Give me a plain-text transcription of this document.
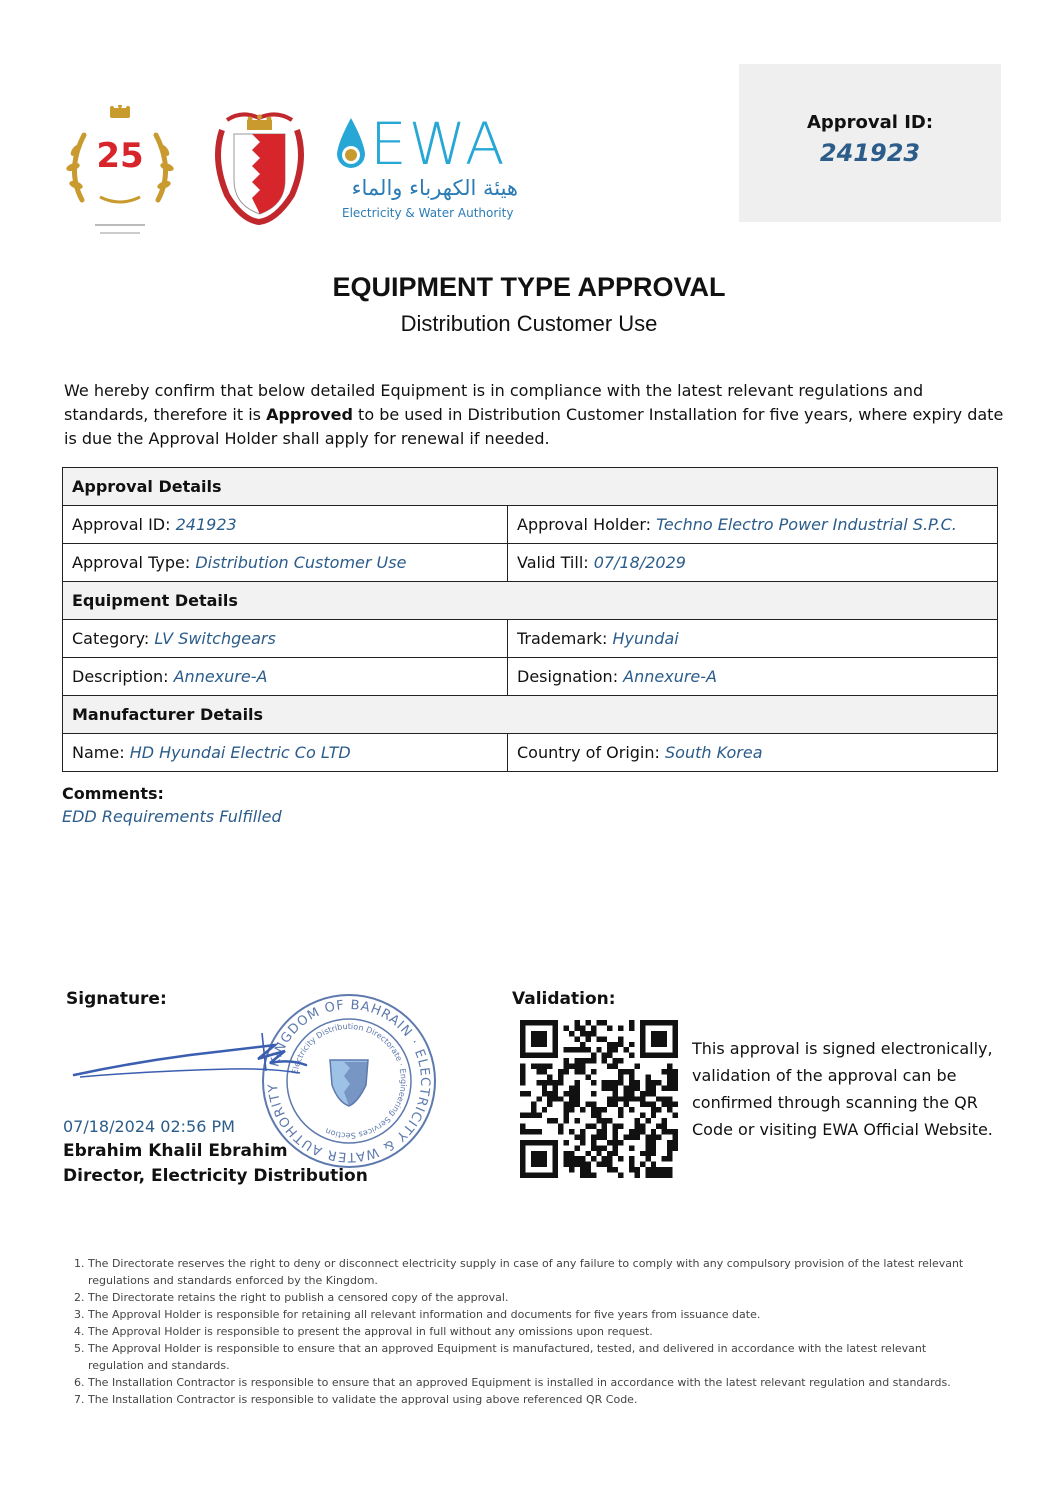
25	EWA
هيئة الكهرباء والماء
Electricity & Water Authority
Approval ID:
241923
EQUIPMENT TYPE APPROVAL
Distribution Customer Use
We hereby confirm that below detailed Equipment is in compliance with the latest relevant regulations and standards, therefore it is Approved to be used in Distribution Customer Installation for five years, where expiry date is due the Approval Holder shall apply for renewal if needed.
Approval Details	
Approval ID: 241923	Approval Holder: Techno Electro Power Industrial S.P.C.
Approval Type: Distribution Customer Use	Valid Till: 07/18/2029
Equipment Details	
Category: LV Switchgears	Trademark: Hyundai
Description: Annexure-A	Designation: Annexure-A
Manufacturer Details	
Name: HD Hyundai Electric Co LTD	Country of Origin: South Korea
Comments:
EDD Requirements Fulfilled
Signature:
KINGDOM OF BAHRAIN · ELECTRICITY & WATER AUTHORITY
Electricity Distribution Directorate · Engineering Services Section
07/18/2024 02:56 PM
Ebrahim Khalil Ebrahim
Director, Electricity Distribution
Validation:
This approval is signed electronically, validation of the approval can be confirmed through scanning the QR Code or visiting EWA Official Website.
1. The Directorate reserves the right to deny or disconnect electricity supply in case of any failure to comply with any compulsory provision of the latest relevant regulations and standards enforced by the Kingdom.
2. The Directorate retains the right to publish a censored copy of the approval.
3. The Approval Holder is responsible for retaining all relevant information and documents for five years from issuance date.
4. The Approval Holder is responsible to present the approval in full without any omissions upon request.
5. The Approval Holder is responsible to ensure that an approved Equipment is manufactured, tested, and delivered in accordance with the latest relevant regulation and standards.
6. The Installation Contractor is responsible to ensure that an approved Equipment is installed in accordance with the latest relevant regulation and standards.
7. The Installation Contractor is responsible to validate the approval using above referenced QR Code.
